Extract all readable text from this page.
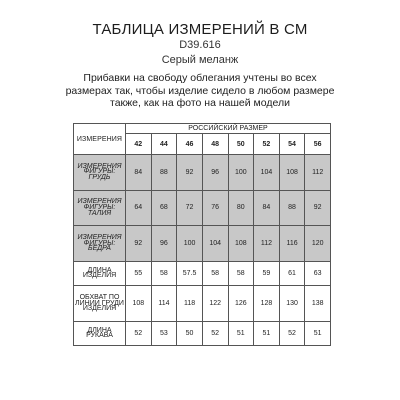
ТАБЛИЦА ИЗМЕРЕНИЙ В СМ
D39.616
Серый меланж
Прибавки на свободу облегания учтены во всех размерах так, чтобы изделие сидело в любом размере также, как на фото на нашей модели
ИЗМЕРЕНИЯ	РОССИЙСКИЙ РАЗМЕР							
	42	44	46	48	50	52	54	56
ИЗМЕРЕНИЯ ФИГУРЫ: ГРУДЬ	84	88	92	96	100	104	108	112
ИЗМЕРЕНИЯ ФИГУРЫ: ТАЛИЯ	64	68	72	76	80	84	88	92
ИЗМЕРЕНИЯ ФИГУРЫ: БЁДРА	92	96	100	104	108	112	116	120
ДЛИНА ИЗДЕЛИЯ	55	58	57.5	58	58	59	61	63
ОБХВАТ ПО ЛИНИИ ГРУДИ ИЗДЕЛИЯ	108	114	118	122	126	128	130	138
ДЛИНА РУКАВА	52	53	50	52	51	51	52	51
